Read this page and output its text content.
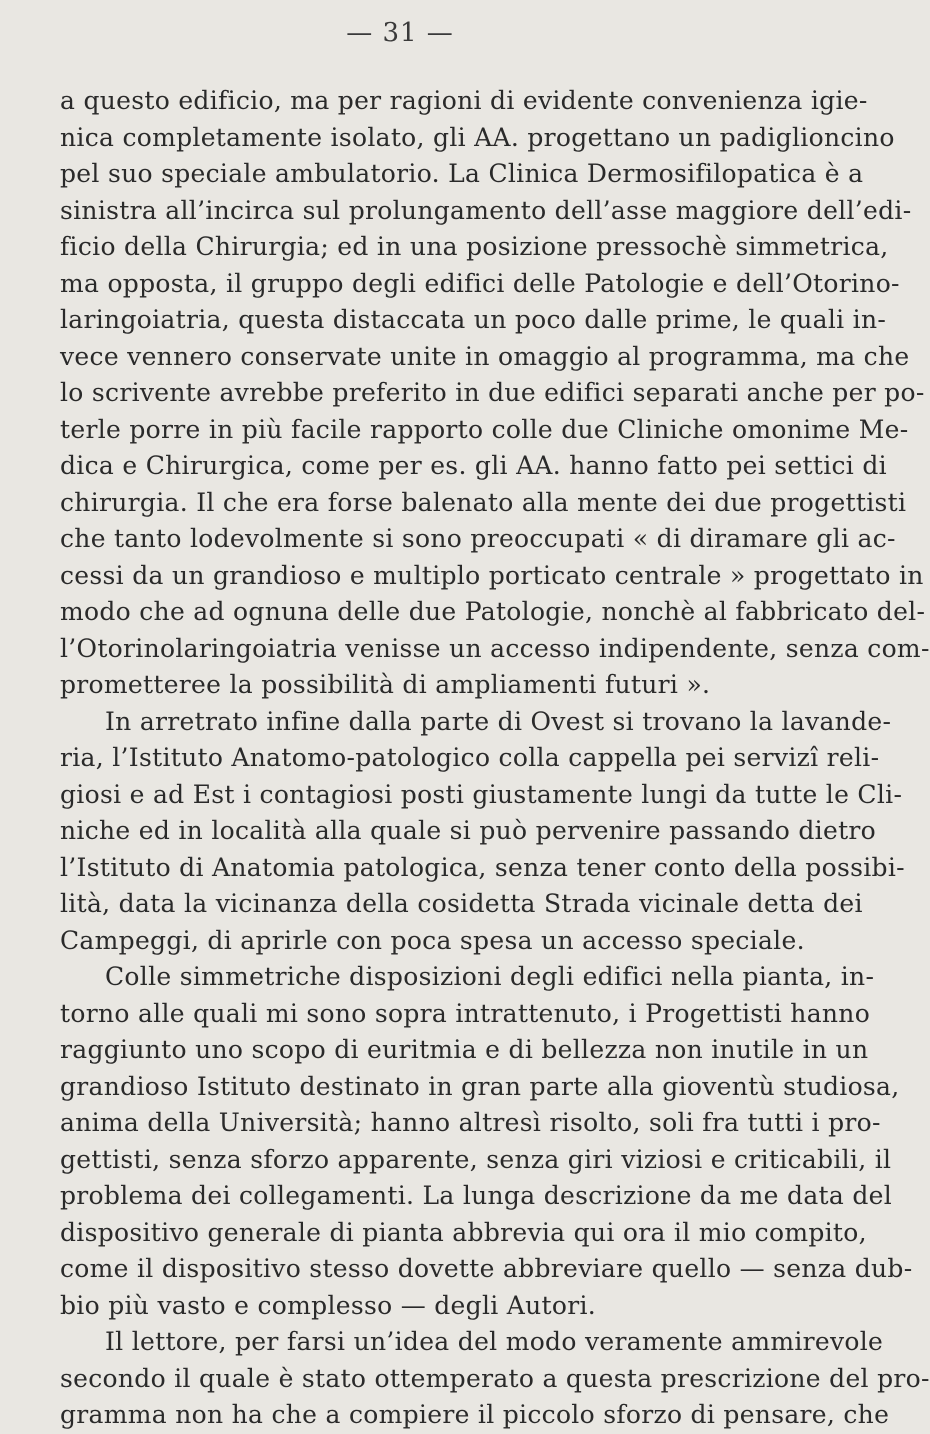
— 31 —
a questo edificio, ma per ragioni di evidente convenienza igie-
nica completamente isolato, gli AA. progettano un padiglioncino
pel suo speciale ambulatorio. La Clinica Dermosifilopatica è a
sinistra all’incirca sul prolungamento dell’asse maggiore dell’edi-
ficio della Chirurgia; ed in una posizione pressochè simmetrica,
ma opposta, il gruppo degli edifici delle Patologie e dell’Otorino-
laringoiatria, questa distaccata un poco dalle prime, le quali in-
vece vennero conservate unite in omaggio al programma, ma che
lo scrivente avrebbe preferito in due edifici separati anche per po-
terle porre in più facile rapporto colle due Cliniche omonime Me-
dica e Chirurgica, come per es. gli AA. hanno fatto pei settici di
chirurgia. Il che era forse balenato alla mente dei due progettisti
che tanto lodevolmente si sono preoccupati « di diramare gli ac-
cessi da un grandioso e multiplo porticato centrale » progettato in
modo che ad ognuna delle due Patologie, nonchè al fabbricato del-
l’Otorinolaringoiatria venisse un accesso indipendente, senza com-
prometteree la possibilità di ampliamenti futuri ».
In arretrato infine dalla parte di Ovest si trovano la lavande-
ria, l’Istituto Anatomo-patologico colla cappella pei servizî reli-
giosi e ad Est i contagiosi posti giustamente lungi da tutte le Cli-
niche ed in località alla quale si può pervenire passando dietro
l’Istituto di Anatomia patologica, senza tener conto della possibi-
lità, data la vicinanza della cosidetta Strada vicinale detta dei
Campeggi, di aprirle con poca spesa un accesso speciale.
Colle simmetriche disposizioni degli edifici nella pianta, in-
torno alle quali mi sono sopra intrattenuto, i Progettisti hanno
raggiunto uno scopo di euritmia e di bellezza non inutile in un
grandioso Istituto destinato in gran parte alla gioventù studiosa,
anima della Università; hanno altresì risolto, soli fra tutti i pro-
gettisti, senza sforzo apparente, senza giri viziosi e criticabili, il
problema dei collegamenti. La lunga descrizione da me data del
dispositivo generale di pianta abbrevia qui ora il mio compito,
come il dispositivo stesso dovette abbreviare quello — senza dub-
bio più vasto e complesso — degli Autori.
Il lettore, per farsi un’idea del modo veramente ammirevole
secondo il quale è stato ottemperato a questa prescrizione del pro-
gramma non ha che a compiere il piccolo sforzo di pensare, che
